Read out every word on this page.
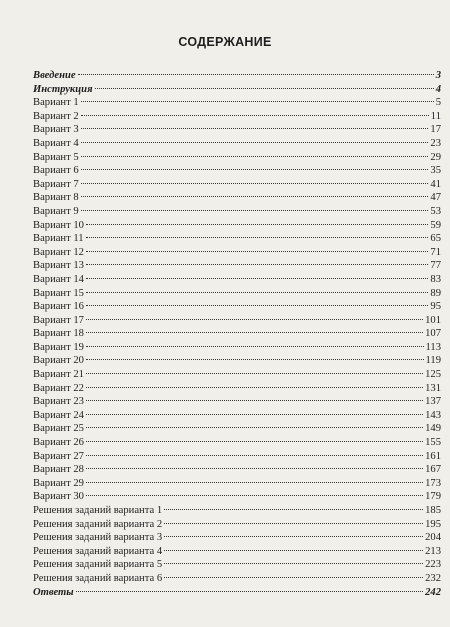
СОДЕРЖАНИЕ
Введение	3
Инструкция	4
Вариант 1	5
Вариант 2	11
Вариант 3	17
Вариант 4	23
Вариант 5	29
Вариант 6	35
Вариант 7	41
Вариант 8	47
Вариант 9	53
Вариант 10	59
Вариант 11	65
Вариант 12	71
Вариант 13	77
Вариант 14	83
Вариант 15	89
Вариант 16	95
Вариант 17	101
Вариант 18	107
Вариант 19	113
Вариант 20	119
Вариант 21	125
Вариант 22	131
Вариант 23	137
Вариант 24	143
Вариант 25	149
Вариант 26	155
Вариант 27	161
Вариант 28	167
Вариант 29	173
Вариант 30	179
Решения заданий варианта 1	185
Решения заданий варианта 2	195
Решения заданий варианта 3	204
Решения заданий варианта 4	213
Решения заданий варианта 5	223
Решения заданий варианта 6	232
Ответы	242
